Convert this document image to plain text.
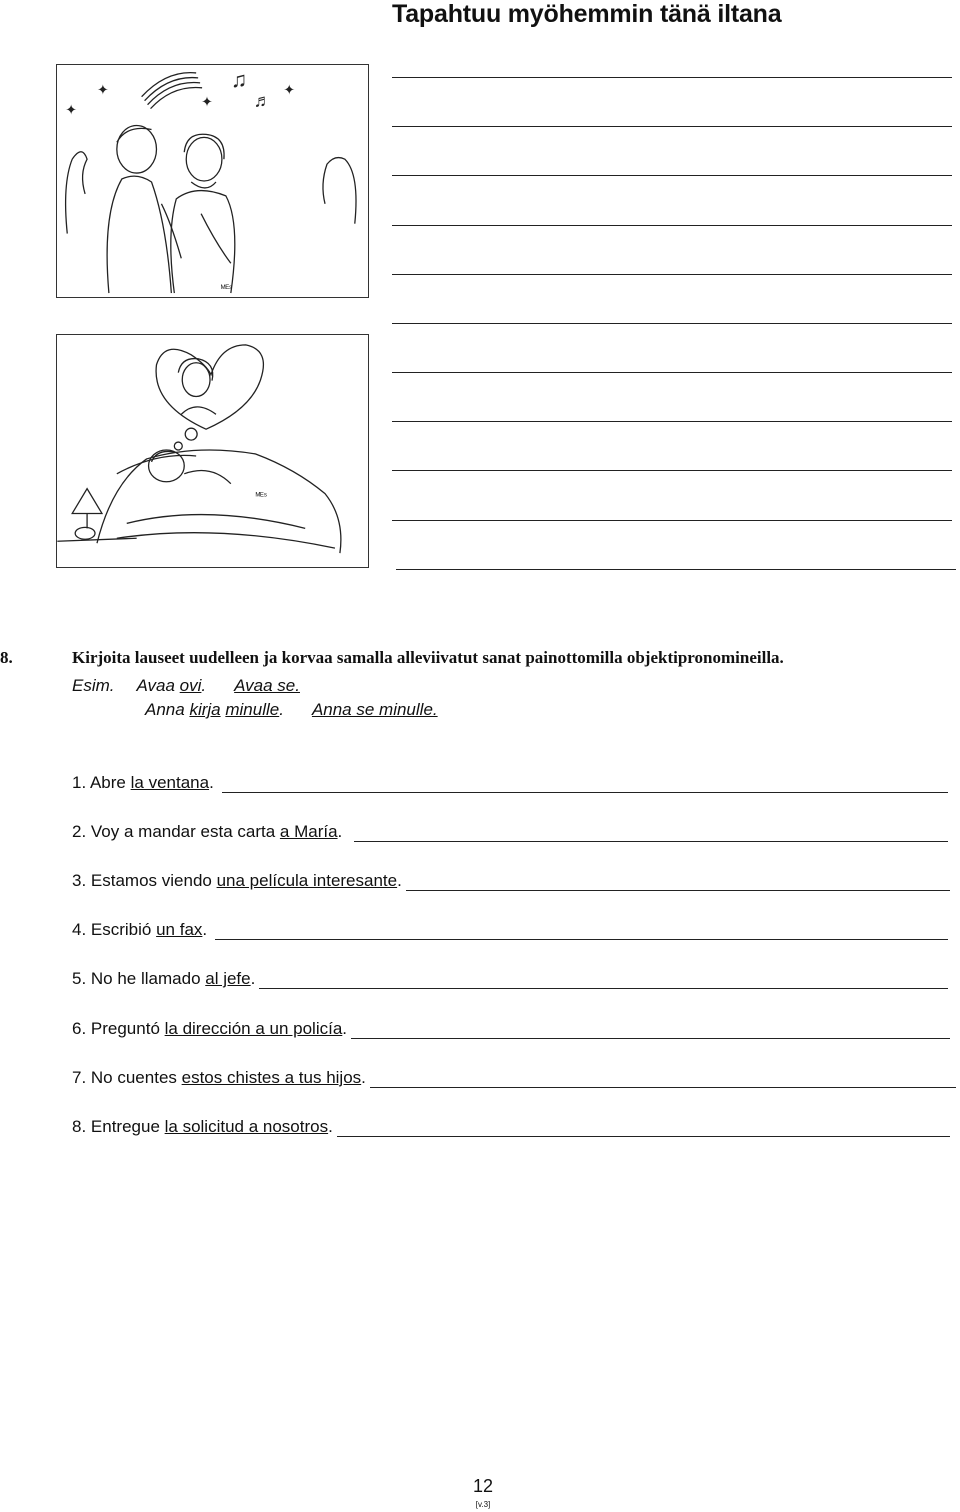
Tapahtuu myöhemmin tänä iltana
♫
♬
✦
✦	✦
✦
ᴹᴱˢ
ᴹᴱˢ
8.	Kirjoita lauseet uudelleen ja korvaa samalla alleviivatut sanat painottomilla objektipronomineilla.
Esim. Avaa ovi. Avaa se.
Anna kirja minulle. Anna se minulle.
1. Abre la ventana .
2. Voy a mandar esta carta a María .
3. Estamos viendo una película interesante .
4. Escribió un fax .
5. No he llamado al jefe .
6. Preguntó la dirección a un policía .
7. No cuentes estos chistes a tus hijos .
8. Entregue la solicitud a nosotros .
12
[v.3]
